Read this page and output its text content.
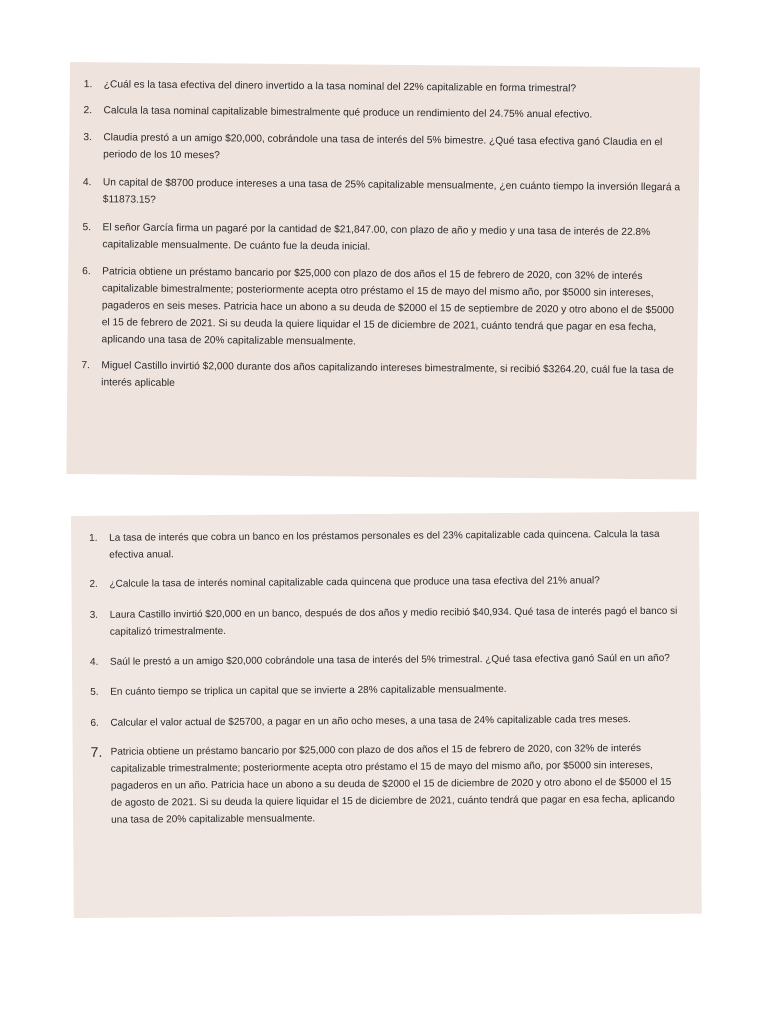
1.	¿Cuál es la tasa efectiva del dinero invertido a la tasa nominal del 22% capitalizable en forma trimestral?
2.	Calcula la tasa nominal capitalizable bimestralmente qué produce un rendimiento del 24.75% anual efectivo.
3.	Claudia prestó a un amigo $20,000, cobrándole una tasa de interés del 5% bimestre. ¿Qué tasa efectiva ganó Claudia en el periodo de los 10 meses?
4.	Un capital de $8700 produce intereses a una tasa de 25% capitalizable mensualmente, ¿en cuánto tiempo la inversión llegará a $11873.15?
5.	El señor García firma un pagaré por la cantidad de $21,847.00, con plazo de año y medio y una tasa de interés de 22.8% capitalizable mensualmente. De cuánto fue la deuda inicial.
6.	Patricia obtiene un préstamo bancario por $25,000 con plazo de dos años el 15 de febrero de 2020, con 32% de interés capitalizable bimestralmente; posteriormente acepta otro préstamo el 15 de mayo del mismo año, por $5000 sin intereses, pagaderos en seis meses. Patricia hace un abono a su deuda de $2000 el 15 de septiembre de 2020 y otro abono el de $5000 el 15 de febrero de 2021. Si su deuda la quiere liquidar el 15 de diciembre de 2021, cuánto tendrá que pagar en esa fecha, aplicando una tasa de 20% capitalizable mensualmente.
7.	Miguel Castillo invirtió $2,000 durante dos años capitalizando intereses bimestralmente, si recibió $3264.20, cuál fue la tasa de interés aplicable
1.	La tasa de interés que cobra un banco en los préstamos personales es del 23% capitalizable cada quincena. Calcula la tasa efectiva anual.
2.	¿Calcule la tasa de interés nominal capitalizable cada quincena que produce una tasa efectiva del 21% anual?
3.	Laura Castillo invirtió $20,000 en un banco, después de dos años y medio recibió $40,934. Qué tasa de interés pagó el banco si capitalizó trimestralmente.
4.	Saúl le prestó a un amigo $20,000 cobrándole una tasa de interés del 5% trimestral. ¿Qué tasa efectiva ganó Saúl en un año?
5.	En cuánto tiempo se triplica un capital que se invierte a 28% capitalizable mensualmente.
6.	Calcular el valor actual de $25700, a pagar en un año ocho meses, a una tasa de 24% capitalizable cada tres meses.
7. Patricia obtiene un préstamo bancario por $25,000 con plazo de dos años el 15 de febrero de 2020, con 32% de interés capitalizable trimestralmente; posteriormente acepta otro préstamo el 15 de mayo del mismo año, por $5000 sin intereses, pagaderos en un año. Patricia hace un abono a su deuda de $2000 el 15 de diciembre de 2020 y otro abono el de $5000 el 15 de agosto de 2021. Si su deuda la quiere liquidar el 15 de diciembre de 2021, cuánto tendrá que pagar en esa fecha, aplicando una tasa de 20% capitalizable mensualmente.
